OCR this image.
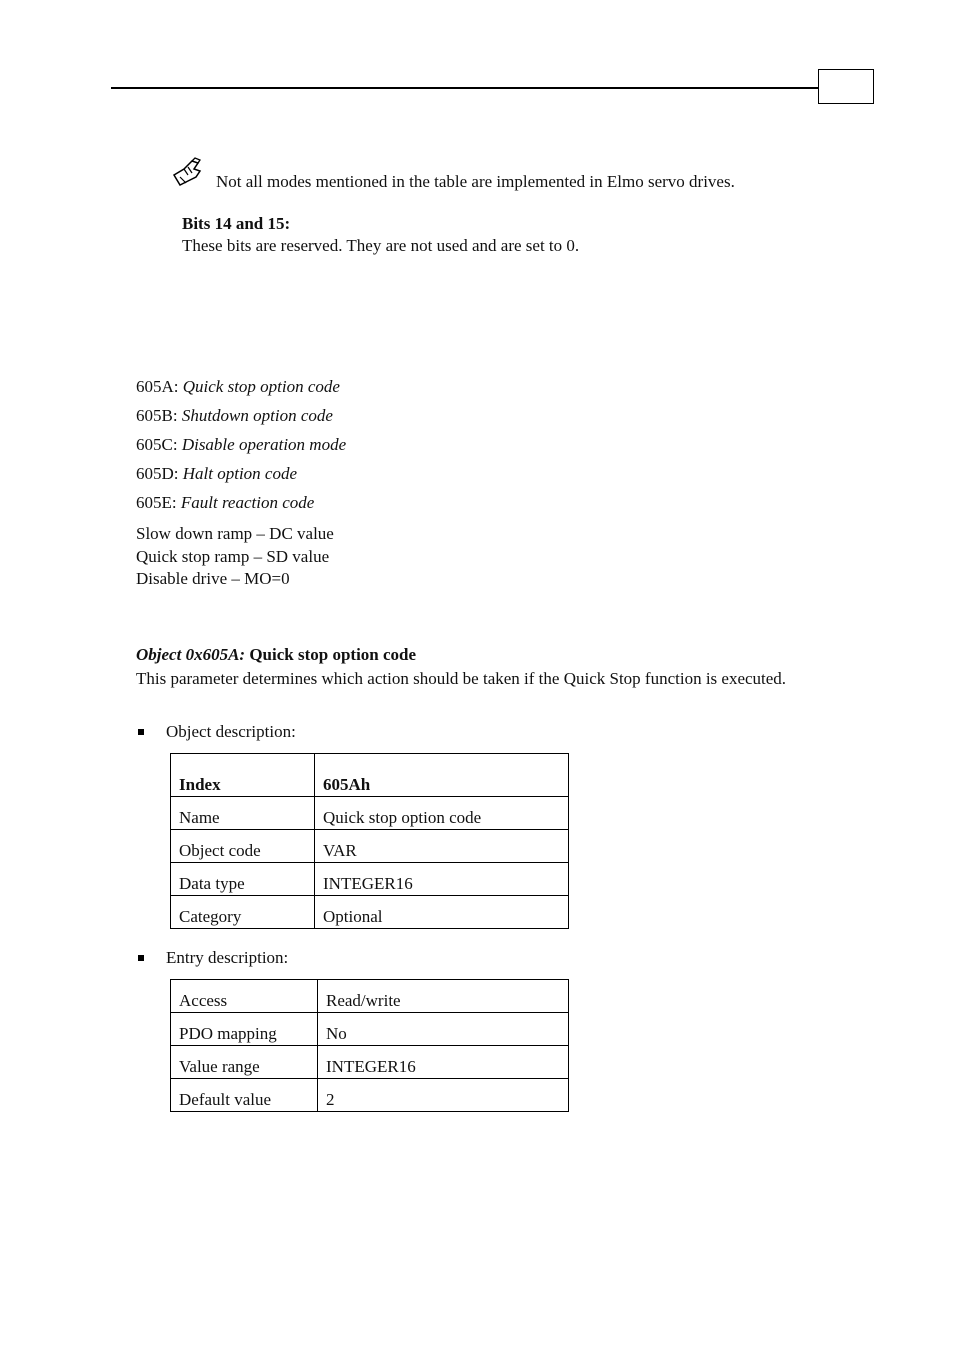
Not all modes mentioned in the table are implemented in Elmo servo drives.
Bits 14 and 15:
These bits are reserved. They are not used and are set to 0.
605A: Quick stop option code
605B: Shutdown option code
605C: Disable operation mode
605D: Halt option code
605E: Fault reaction code
Slow down ramp – DC value
Quick stop ramp – SD value
Disable drive – MO=0
Object 0x605A: Quick stop option code
This parameter determines which action should be taken if the Quick Stop function is executed.
Object description:
Index	605Ah
Name	Quick stop option code
Object code	VAR
Data type	INTEGER16
Category	Optional
Entry description:
Access	Read/write
PDO mapping	No
Value range	INTEGER16
Default value	2
